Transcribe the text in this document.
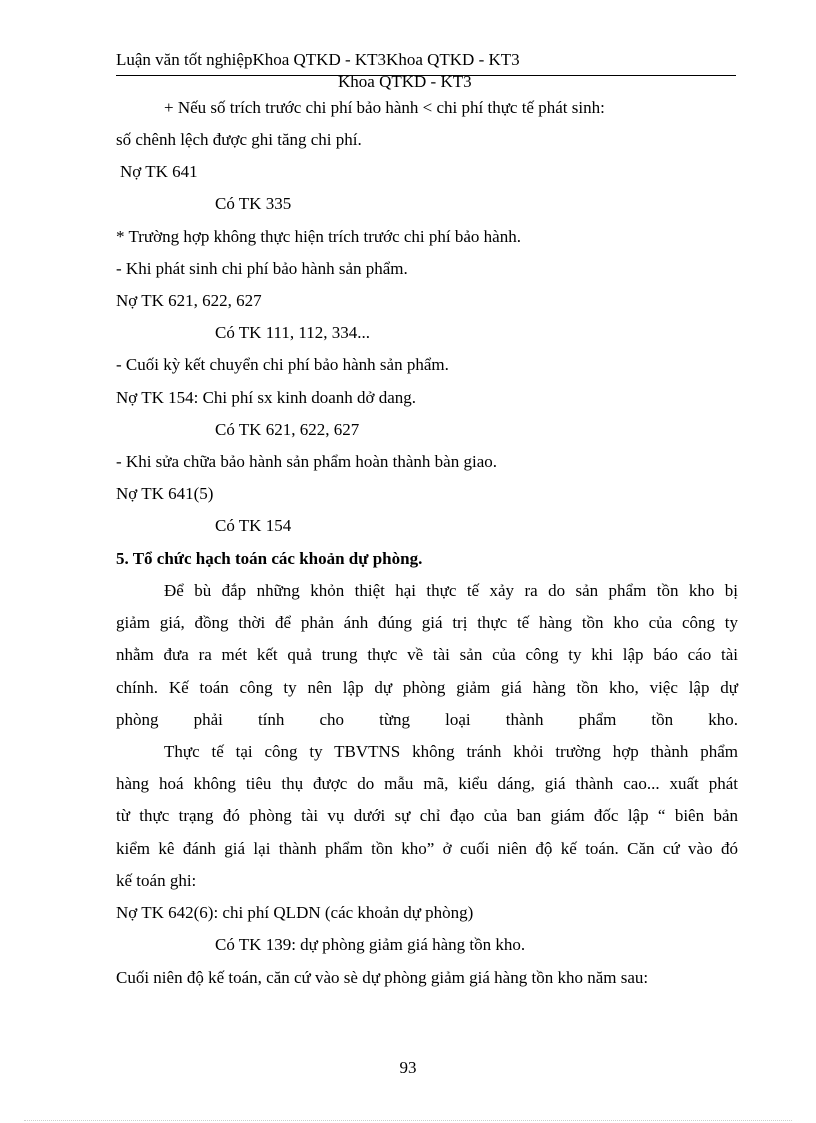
Luận văn tốt nghiệpKhoa QTKD - KT3Khoa QTKD - KT3
Khoa QTKD - KT3
+ Nếu số trích trước chi phí bảo hành < chi phí thực tế phát sinh:
số chênh lệch được ghi tăng chi phí.
Nợ TK 641
Có TK 335
* Trường hợp không thực hiện trích trước chi phí bảo hành.
- Khi phát sinh chi phí bảo hành sản phẩm.
Nợ TK 621, 622, 627
Có TK 111, 112, 334...
- Cuối kỳ kết chuyển chi phí bảo hành sản phẩm.
Nợ TK 154: Chi phí sx kinh doanh dở dang.
Có TK 621, 622, 627
- Khi sửa chữa bảo hành sản phẩm hoàn thành bàn giao.
Nợ TK 641(5)
Có TK 154
5. Tổ chức hạch toán các khoản dự phòng.
Để bù đắp những khỏn thiệt hại thực tế xảy ra do sản phẩm tồn kho bị
giảm giá, đồng thời để phản ánh đúng giá trị thực tế hàng tồn kho của công ty
nhằm đưa ra mét kết quả trung thực về tài sản của công ty khi lập báo cáo tài
chính. Kế toán công ty nên lập dự phòng giảm giá hàng tồn kho, việc lập dự
phòng phải tính cho từng loại thành phẩm tồn kho.
Thực tế tại công ty TBVTNS không tránh khỏi trường hợp thành phẩm
hàng hoá không tiêu thụ được do mẫu mã, kiểu dáng, giá thành cao... xuất phát
từ thực trạng đó phòng tài vụ dưới sự chỉ đạo của ban giám đốc lập “ biên bản
kiểm kê đánh giá lại thành phẩm tồn kho” ở cuối niên độ kế toán. Căn cứ vào đó
kế toán ghi:
Nợ TK 642(6): chi phí QLDN (các khoản dự phòng)
Có TK 139: dự phòng giảm giá hàng tồn kho.
Cuối niên độ kế toán, căn cứ vào sè dự phòng giảm giá hàng tồn kho năm sau:
93
